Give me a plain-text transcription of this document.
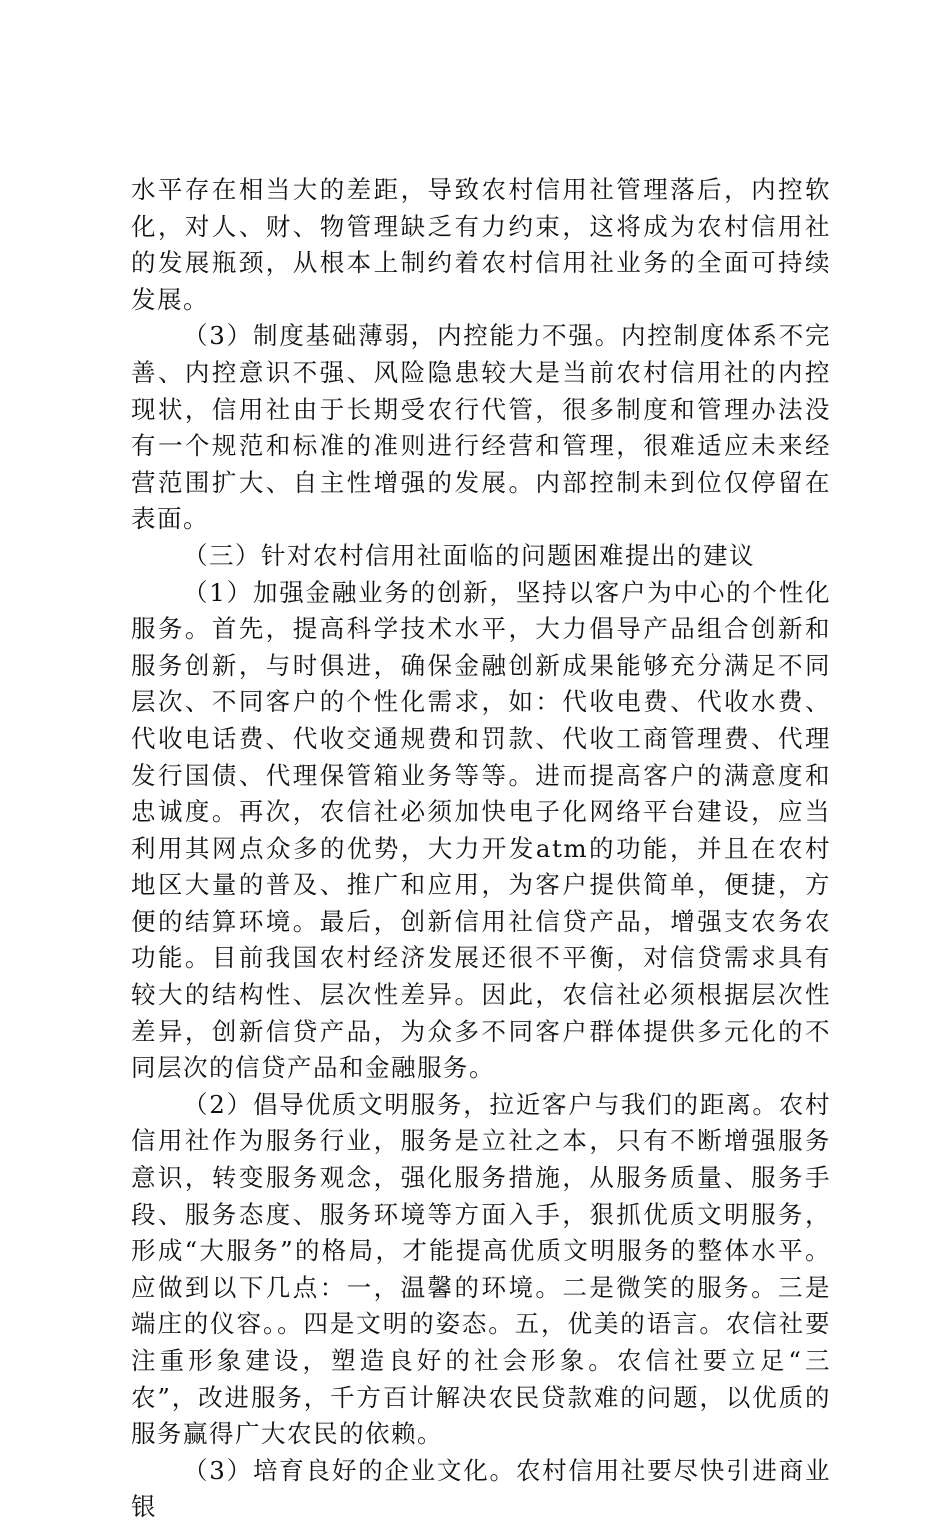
水平存在相当大的差距，导致农村信用社管理落后，内控软化，对人、财、物管理缺乏有力约束，这将成为农村信用社的发展瓶颈，从根本上制约着农村信用社业务的全面可持续发展。

（3）制度基础薄弱，内控能力不强。内控制度体系不完善、内控意识不强、风险隐患较大是当前农村信用社的内控现状，信用社由于长期受农行代管，很多制度和管理办法没有一个规范和标准的准则进行经营和管理，很难适应未来经营范围扩大、自主性增强的发展。内部控制未到位仅停留在表面。

（三）针对农村信用社面临的问题困难提出的建议

（1）加强金融业务的创新，坚持以客户为中心的个性化服务。首先，提高科学技术水平，大力倡导产品组合创新和服务创新，与时俱进，确保金融创新成果能够充分满足不同层次、不同客户的个性化需求，如：代收电费、代收水费、代收电话费、代收交通规费和罚款、代收工商管理费、代理发行国债、代理保管箱业务等等。进而提高客户的满意度和忠诚度。再次，农信社必须加快电子化网络平台建设，应当利用其网点众多的优势，大力开发atm的功能，并且在农村地区大量的普及、推广和应用，为客户提供简单，便捷，方便的结算环境。最后，创新信用社信贷产品，增强支农务农功能。目前我国农村经济发展还很不平衡，对信贷需求具有较大的结构性、层次性差异。因此，农信社必须根据层次性差异，创新信贷产品，为众多不同客户群体提供多元化的不同层次的信贷产品和金融服务。

（2）倡导优质文明服务，拉近客户与我们的距离。农村信用社作为服务行业，服务是立社之本，只有不断增强服务意识，转变服务观念，强化服务措施，从服务质量、服务手段、服务态度、服务环境等方面入手，狠抓优质文明服务，形成“大服务”的格局，才能提高优质文明服务的整体水平。应做到以下几点：一，温馨的环境。二是微笑的服务。三是端庄的仪容。。四是文明的姿态。五，优美的语言。农信社要注重形象建设，塑造良好的社会形象。农信社要立足“三农”，改进服务，千方百计解决农民贷款难的问题，以优质的服务赢得广大农民的依赖。

（3）培育良好的企业文化。农村信用社要尽快引进商业银
